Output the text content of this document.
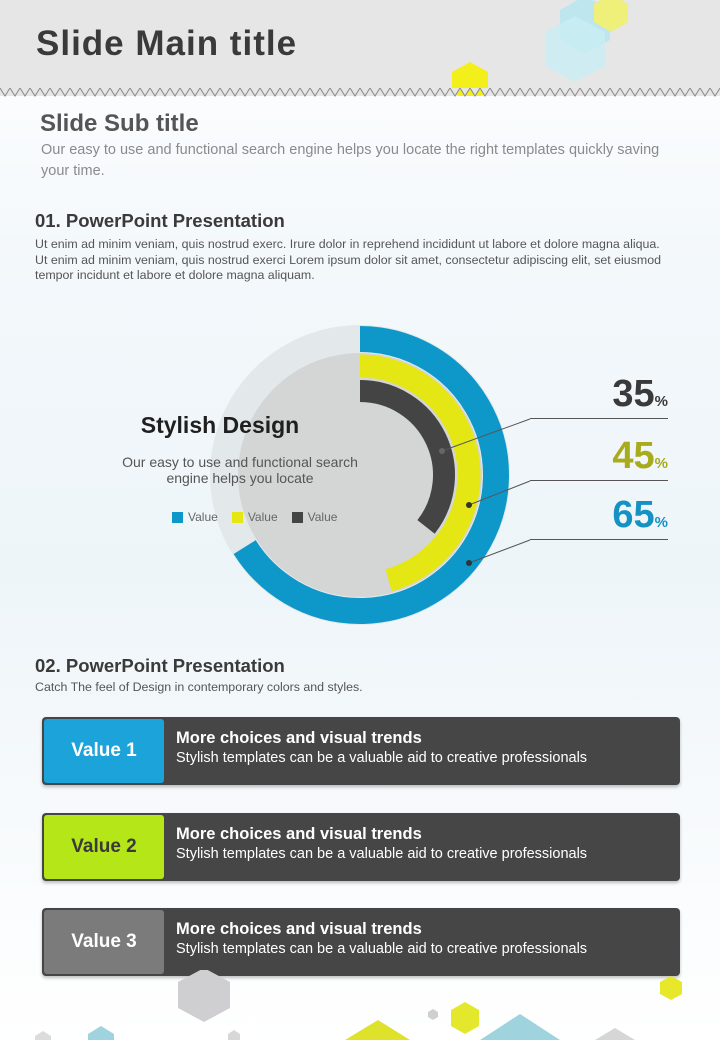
Slide Main title
Slide Sub title

Our easy to use and functional search engine helps you locate the right templates quickly saving your time.

01. PowerPoint Presentation

Ut enim ad minim veniam, quis nostrud exerc. Irure dolor in reprehend incididunt ut labore et dolore magna aliqua. Ut enim ad minim veniam, quis nostrud exerci Lorem ipsum dolor sit amet, consectetur adipiscing elit, set eiusmod tempor incidunt et labore et dolore magna aliquam.

Stylish Design

Our easy to use and functional search engine helps you locate

Value	Value	Value
35%
45%
65%
02. PowerPoint Presentation

Catch The feel of Design in contemporary colors and styles.

Value 1

More choices and visual trends

Stylish templates can be a valuable aid to creative professionals

Value 2

More choices and visual trends

Stylish templates can be a valuable aid to creative professionals

Value 3

More choices and visual trends

Stylish templates can be a valuable aid to creative professionals
